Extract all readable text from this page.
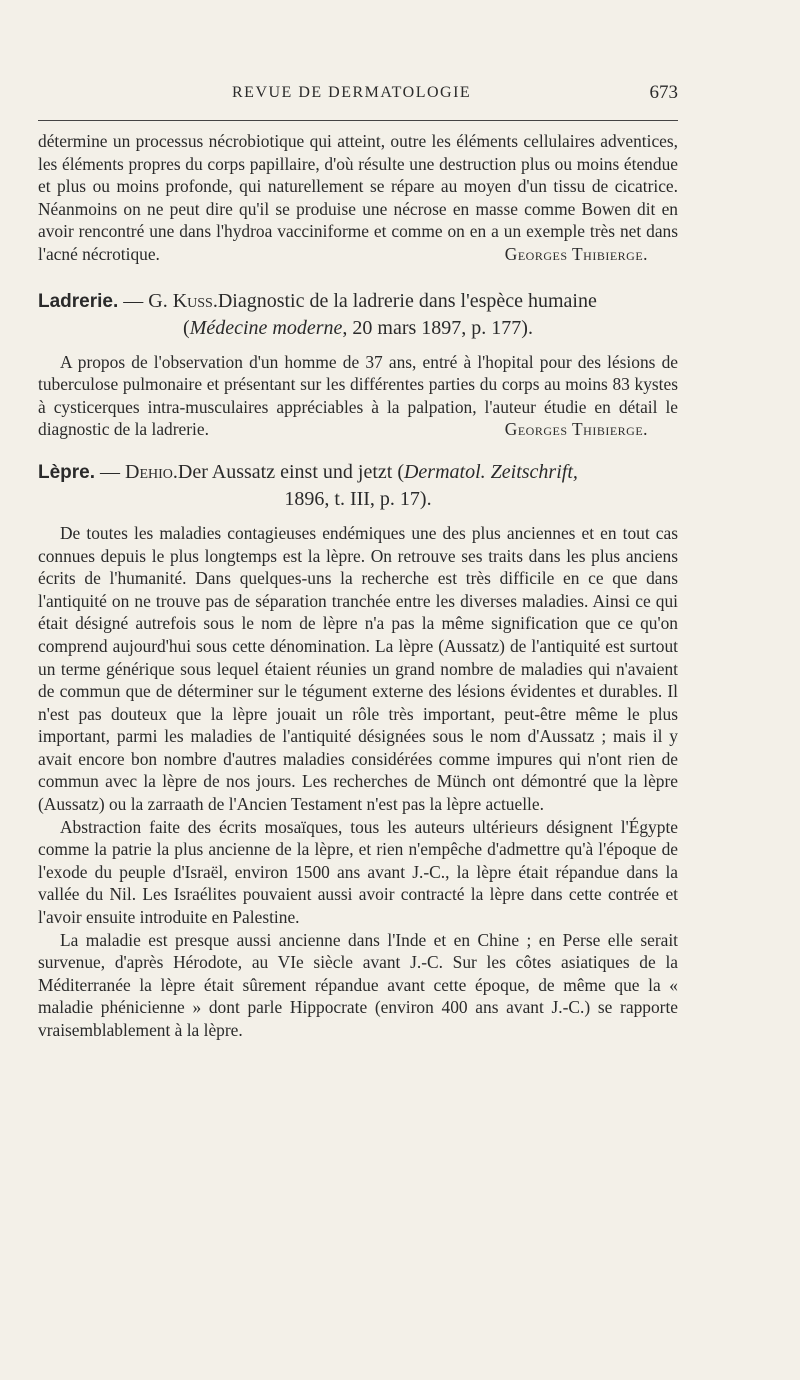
REVUE DE DERMATOLOGIE	673

détermine un processus nécrobiotique qui atteint, outre les éléments cellulaires adventices, les éléments propres du corps papillaire, d'où résulte une destruction plus ou moins étendue et plus ou moins profonde, qui naturellement se répare au moyen d'un tissu de cicatrice. Néanmoins on ne peut dire qu'il se produise une nécrose en masse comme Bowen dit en avoir rencontré une dans l'hydroa vacciniforme et comme on en a un exemple très net dans l'acné nécrotique.	Georges Thibierge.

Ladrerie. — G. Kuss.Diagnostic de la ladrerie dans l'espèce humaine
(Médecine moderne, 20 mars 1897, p. 177).

A propos de l'observation d'un homme de 37 ans, entré à l'hopital pour des lésions de tuberculose pulmonaire et présentant sur les différentes parties du corps au moins 83 kystes à cysticerques intra-musculaires appréciables à la palpation, l'auteur étudie en détail le diagnostic de la ladrerie.	Georges Thibierge.

Lèpre. — Dehio.Der Aussatz einst und jetzt (Dermatol. Zeitschrift,
1896, t. III, p. 17).

De toutes les maladies contagieuses endémiques une des plus anciennes et en tout cas connues depuis le plus longtemps est la lèpre. On retrouve ses traits dans les plus anciens écrits de l'humanité. Dans quelques-uns la recherche est très difficile en ce que dans l'antiquité on ne trouve pas de séparation tranchée entre les diverses maladies. Ainsi ce qui était désigné autrefois sous le nom de lèpre n'a pas la même signification que ce qu'on comprend aujourd'hui sous cette dénomination. La lèpre (Aussatz) de l'antiquité est surtout un terme générique sous lequel étaient réunies un grand nombre de maladies qui n'avaient de commun que de déterminer sur le tégument externe des lésions évidentes et durables. Il n'est pas douteux que la lèpre jouait un rôle très important, peut-être même le plus important, parmi les maladies de l'antiquité désignées sous le nom d'Aussatz ; mais il y avait encore bon nombre d'autres maladies considérées comme impures qui n'ont rien de commun avec la lèpre de nos jours. Les recherches de Münch ont démontré que la lèpre (Aussatz) ou la zarraath de l'Ancien Testament n'est pas la lèpre actuelle.

Abstraction faite des écrits mosaïques, tous les auteurs ultérieurs désignent l'Égypte comme la patrie la plus ancienne de la lèpre, et rien n'empêche d'admettre qu'à l'époque de l'exode du peuple d'Israël, environ 1500 ans avant J.-C., la lèpre était répandue dans la vallée du Nil. Les Israélites pouvaient aussi avoir contracté la lèpre dans cette contrée et l'avoir ensuite introduite en Palestine.

La maladie est presque aussi ancienne dans l'Inde et en Chine ; en Perse elle serait survenue, d'après Hérodote, au VIe siècle avant J.-C. Sur les côtes asiatiques de la Méditerranée la lèpre était sûrement répandue avant cette époque, de même que la « maladie phénicienne » dont parle Hippocrate (environ 400 ans avant J.-C.) se rapporte vraisemblablement à la lèpre.
